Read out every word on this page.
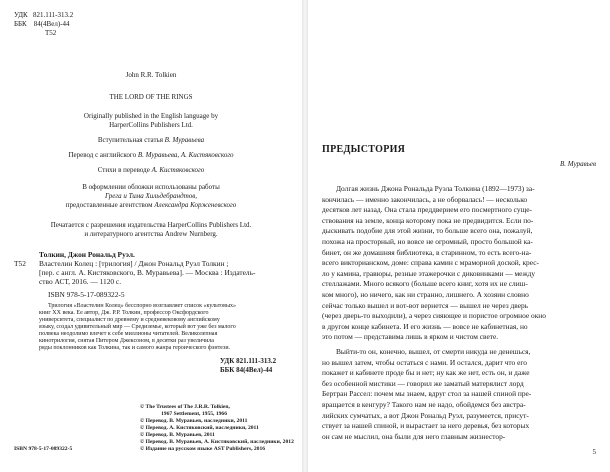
УДК 821.111-313.2
ББК 84(4Вел)-44
Т52
John R.R. Tolkien
THE LORD OF THE RINGS
Originally published in the English language by
HarperCollins Publishers Ltd.
Вступительная статья В. Муравьева
Перевод с английского В. Муравьева, А. Кистяковского
Стихи в переводе А. Кистяковского
В оформлении обложки использованы работы
Грега и Тима Хильдебрандтов,
предоставленные агентством Александра Корженевского
Печатается с разрешения издательства HarperCollins Publishers Ltd.
и литературного агентства Andrew Nurnberg.
Толкин, Джон Рональд Руэл.
Т52 Властелин Колец : [трилогия] / Джон Рональд Руэл Толкин ;
[пер. с англ. А. Кистяковского, В. Муравьева]. — Москва : Издатель-
ство АСТ, 2016. — 1120 с.
ISBN 978-5-17-089322-5
Трилогия «Властелин Колец» бесспорно возглавляет список «культовых»
книг XX века. Ее автор, Дж. Р.Р. Толкин, профессор Оксфордского
университета, специалист по древнему и средневековому английскому
языку, создал удивительный мир — Средиземье, который вот уже без малого
полвека неодолимо влечет к себе миллионы читателей. Великолепная
кинотрилогия, снятая Питером Джексоном, в десятки раз увеличила
ряды поклонников как Толкина, так и самого жанра героического фэнтези.
УДК 821.111-313.2
ББК 84(4Вел)-44
© The Trustees of The J.R.R. Tolkien,
1967 Settlement, 1955, 1966
© Перевод. В. Муравьев, наследники, 2011
© Перевод. А. Кистяковский, наследники, 2011
© Перевод. В. Муравьев, 2011
© Перевод. В. Муравьев, А. Кистяковский, наследники, 2012
© Издание на русском языке AST Publishers, 2016
ISBN 978-5-17-089322-5
ПРЕДЫСТОРИЯ
В. Муравьев
Долгая жизнь Джона Рональда Руэла Толкина (1892—1973) за-
кончилась — именно закончилась, а не оборвалась! — несколько
десятков лет назад. Она стала преддверием его посмертного суще-
ствования на земле, конца которому пока не предвидится. Если по-
дыскивать подобие для этой жизни, то больше всего она, пожалуй,
похожа на просторный, но вовсе не огромный, просто большой ка-
бинет, он же домашняя библиотека, в старинном, то есть всего-на-
всего викторианском, доме: справа камин с мраморной доской, крес-
ло у камина, гравюры, резные этажерочки с диковинками — между
стеллажами. Много всякого (больше всего книг, хотя их не слиш-
ком много), но ничего, как ни странно, лишнего. А хозяин словно
сейчас только вышел и вот-вот вернется — вышел не через дверь
(через дверь-то выходили), а через сияющее и пористое огромное окно
в другом конце кабинета. И его жизнь — вовсе не кабинетная, но
это потом — представима лишь в ярком и чистом свете.
Выйти-то он, конечно, вышел, от смерти никуда не денешься,
но вышел затем, чтобы остаться с нами. И остался, дарит что его
покажет и кабинете проде бы и нет; ну как же нет, есть он, и даже
без особенной мистики — говорил же заматый матерялист лорд
Бертран Рассел: почем мы знаем, вдруг стол за нашей спиной пре-
вращается в кенгуру? Такого нам не надо, обойдемся без австра-
лийских сумчатых, а вот Джон Рональд Руэл, разумеется, присут-
ствует за нашей спиной, и вырастает за него деревья, без которых
он сам не мыслил, она были для него главным жизнестор-
5
